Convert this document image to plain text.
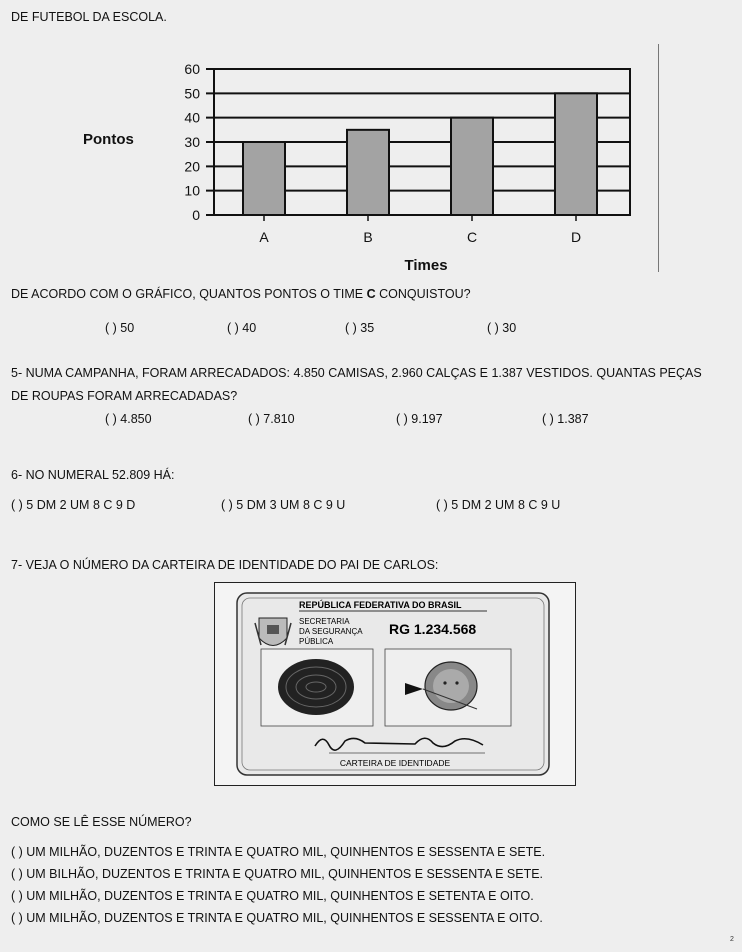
DE FUTEBOL DA ESCOLA.
0
10
20
30
40
50
60
A	B	C	D
Pontos
Times
DE ACORDO COM O GRÁFICO, QUANTOS PONTOS O TIME C CONQUISTOU?
( ) 50	( ) 40	( ) 35	( ) 30
5- NUMA CAMPANHA, FORAM ARRECADADOS: 4.850 CAMISAS, 2.960 CALÇAS E 1.387 VESTIDOS. QUANTAS PEÇAS
DE ROUPAS FORAM ARRECADADAS?
( ) 4.850	( ) 7.810	( ) 9.197	( ) 1.387
6- NO NUMERAL 52.809 HÁ:
( ) 5 DM 2 UM 8 C 9 D	( ) 5 DM 3 UM 8 C 9 U	( ) 5 DM 2 UM 8 C 9 U
7- VEJA O NÚMERO DA CARTEIRA DE IDENTIDADE DO PAI DE CARLOS:
REPÚBLICA FEDERATIVA DO BRASIL
SECRETARIA
DA SEGURANÇA
PÚBLICA
RG 1.234.568
CARTEIRA DE IDENTIDADE
COMO SE LÊ ESSE NÚMERO?
( ) UM MILHÃO, DUZENTOS E TRINTA E QUATRO MIL, QUINHENTOS E SESSENTA E SETE.
( ) UM BILHÃO, DUZENTOS E TRINTA E QUATRO MIL, QUINHENTOS E SESSENTA E SETE.
( ) UM MILHÃO, DUZENTOS E TRINTA E QUATRO MIL, QUINHENTOS E SETENTA E OITO.
( ) UM MILHÃO, DUZENTOS E TRINTA E QUATRO MIL, QUINHENTOS E SESSENTA E OITO.
2
